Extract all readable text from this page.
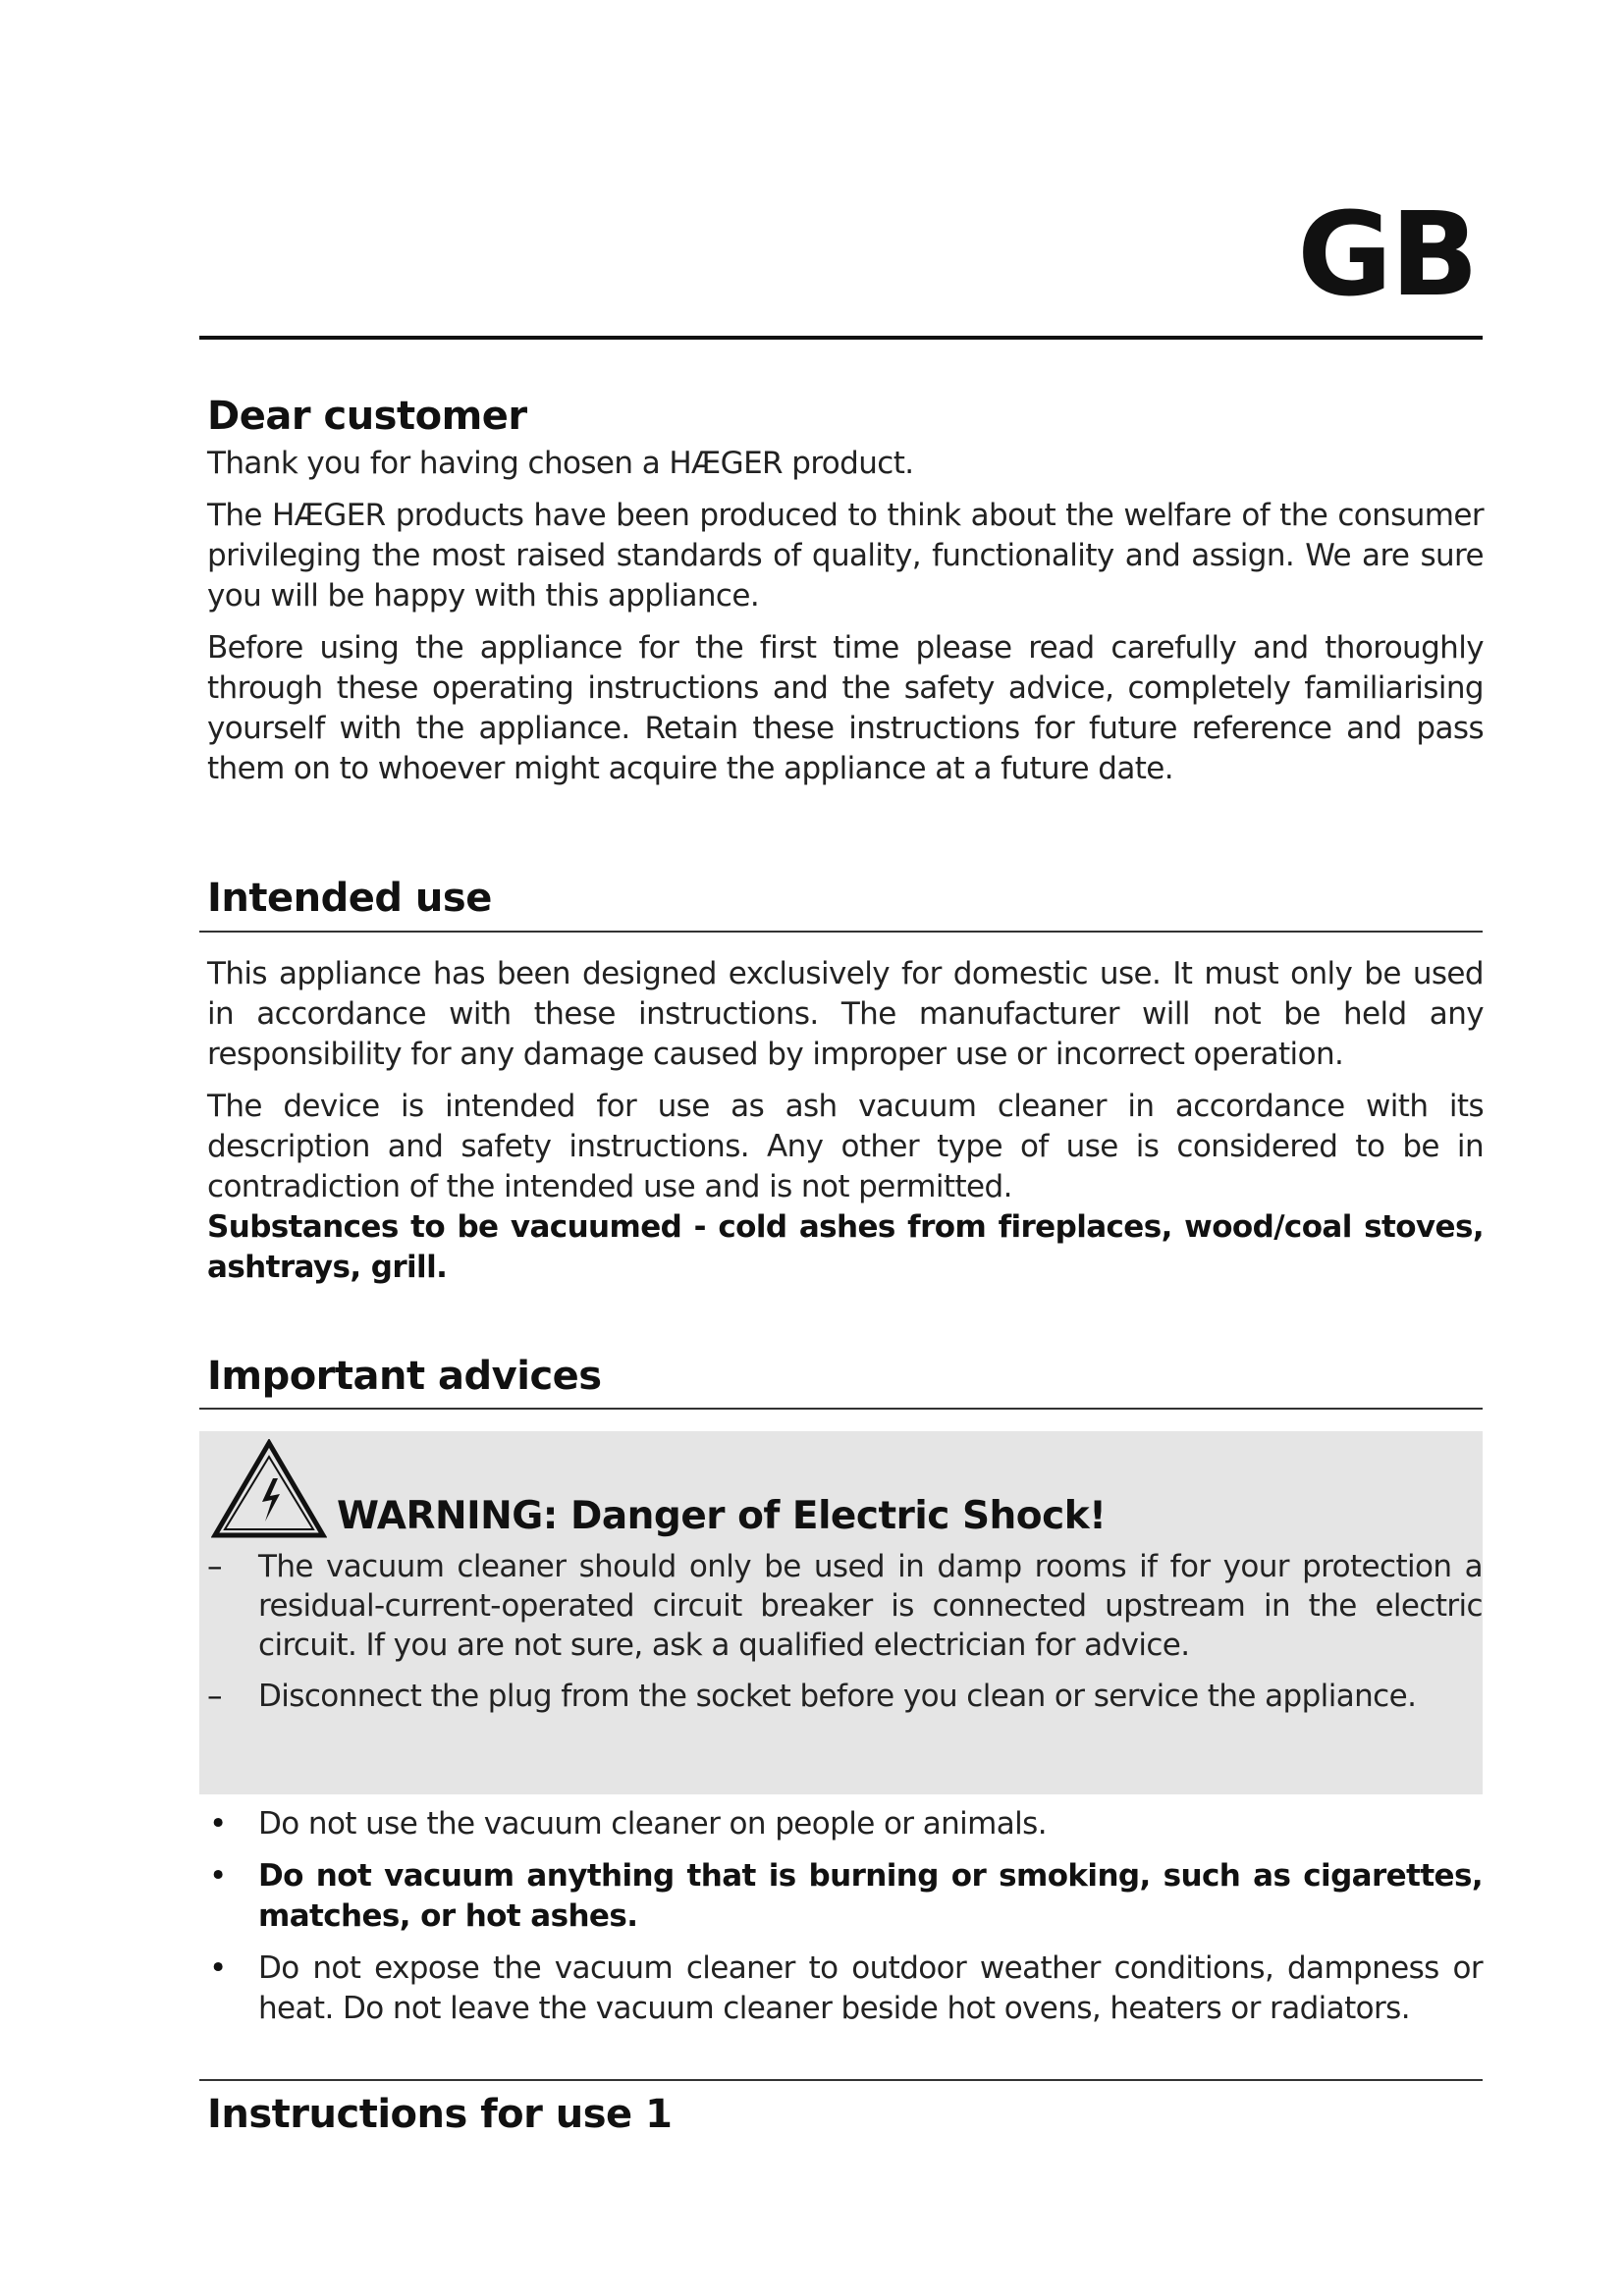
GB
Dear customer

Thank you for having chosen a HÆGER product.

The HÆGER products have been produced to think about the welfare of the consumer privileging the most raised standards of quality, functionality and assign. We are sure you will be happy with this appliance.

Before using the appliance for the first time please read carefully and thoroughly through these operating instructions and the safety advice, completely familiarising yourself with the appliance. Retain these instructions for future reference and pass them on to whoever might acquire the appliance at a future date.

Intended use

This appliance has been designed exclusively for domestic use. It must only be used in accordance with these instructions. The manufacturer will not be held any responsibility for any damage caused by improper use or incorrect operation.

The device is intended for use as ash vacuum cleaner in accordance with its description and safety instructions. Any other type of use is considered to be in contradiction of the intended use and is not permitted.

Substances to be vacuumed - cold ashes from fireplaces, wood/coal stoves, ashtrays, grill.

Important advices
WARNING: Danger of Electric Shock!
– The vacuum cleaner should only be used in damp rooms if for your protection a residual-current-operated circuit breaker is connected upstream in the electric circuit. If you are not sure, ask a qualified electrician for advice.

– Disconnect the plug from the socket before you clean or service the appliance.

• Do not use the vacuum cleaner on people or animals.

• Do not vacuum anything that is burning or smoking, such as cigarettes, matches, or hot ashes.

• Do not expose the vacuum cleaner to outdoor weather conditions, dampness or heat. Do not leave the vacuum cleaner beside hot ovens, heaters or radiators.

Instructions for use 1
